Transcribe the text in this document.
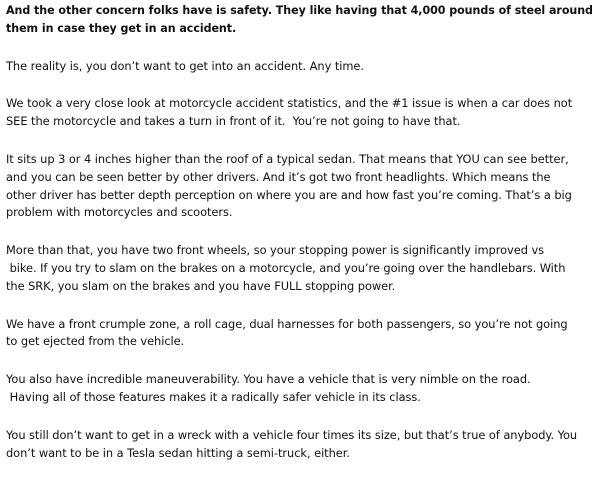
And the other concern folks have is safety. They like having that 4,000 pounds of steel around
them in case they get in an accident.

The reality is, you don’t want to get into an accident. Any time.

We took a very close look at motorcycle accident statistics, and the #1 issue is when a car does not
SEE the motorcycle and takes a turn in front of it.  You’re not going to have that.

It sits up 3 or 4 inches higher than the roof of a typical sedan. That means that YOU can see better,
and you can be seen better by other drivers. And it’s got two front headlights. Which means the
other driver has better depth perception on where you are and how fast you’re coming. That’s a big
problem with motorcycles and scooters.

More than that, you have two front wheels, so your stopping power is significantly improved vs
bike. If you try to slam on the brakes on a motorcycle, and you’re going over the handlebars. With
the SRK, you slam on the brakes and you have FULL stopping power.

We have a front crumple zone, a roll cage, dual harnesses for both passengers, so you’re not going
to get ejected from the vehicle.

You also have incredible maneuverability. You have a vehicle that is very nimble on the road.
Having all of those features makes it a radically safer vehicle in its class.

You still don’t want to get in a wreck with a vehicle four times its size, but that’s true of anybody. You
don’t want to be in a Tesla sedan hitting a semi-truck, either.
